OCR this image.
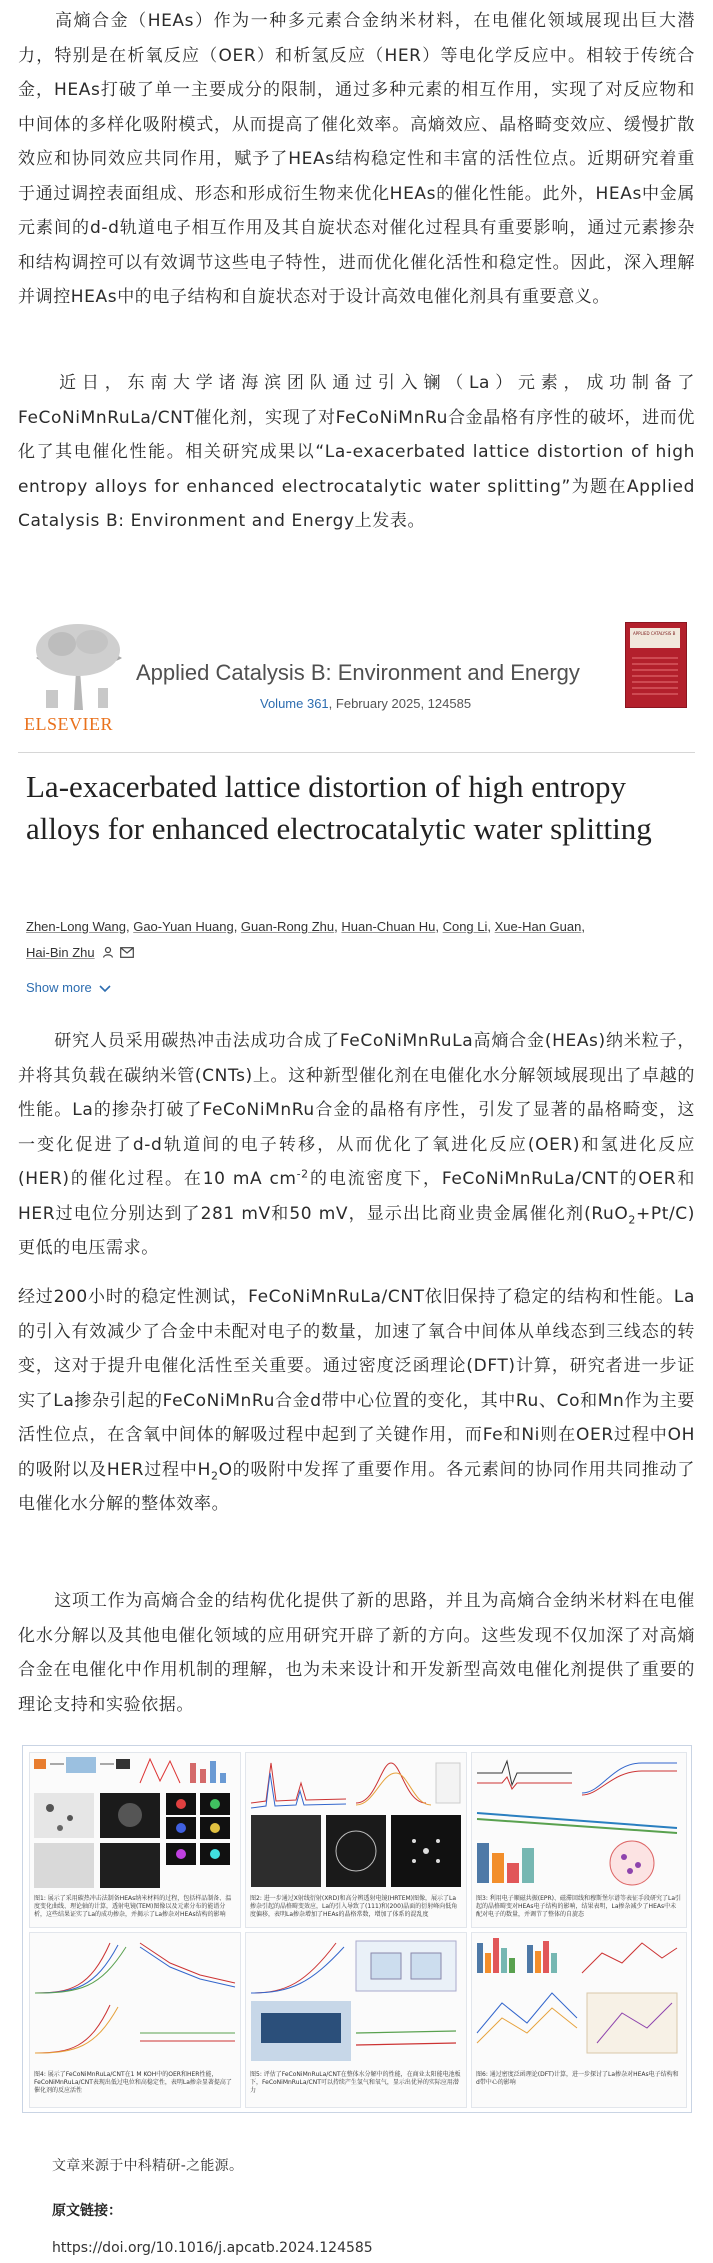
高熵合金（HEAs）作为一种多元素合金纳米材料，在电催化领域展现出巨大潜力，特别是在析氧反应（OER）和析氢反应（HER）等电化学反应中。相较于传统合金，HEAs打破了单一主要成分的限制，通过多种元素的相互作用，实现了对反应物和中间体的多样化吸附模式，从而提高了催化效率。高熵效应、晶格畸变效应、缓慢扩散效应和协同效应共同作用，赋予了HEAs结构稳定性和丰富的活性位点。近期研究着重于通过调控表面组成、形态和形成衍生物来优化HEAs的催化性能。此外，HEAs中金属元素间的d-d轨道电子相互作用及其自旋状态对催化过程具有重要影响，通过元素掺杂和结构调控可以有效调节这些电子特性，进而优化催化活性和稳定性。因此，深入理解并调控HEAs中的电子结构和自旋状态对于设计高效电催化剂具有重要意义。
近日，东南大学诸海滨团队通过引入镧（La）元素，成功制备了FeCoNiMnRuLa/CNT催化剂，实现了对FeCoNiMnRu合金晶格有序性的破坏，进而优化了其电催化性能。相关研究成果以“La-exacerbated lattice distortion of high entropy alloys for enhanced electrocatalytic water splitting”为题在Applied Catalysis B: Environment and Energy上发表。
ELSEVIER
Applied Catalysis B: Environment and Energy
Volume 361, February 2025, 124585
APPLIED CATALYSIS B
La-exacerbated lattice distortion of high entropy alloys for enhanced electrocatalytic water splitting
Zhen-Long Wang, Gao-Yuan Huang, Guan-Rong Zhu, Huan-Chuan Hu, Cong Li, Xue-Han Guan,
Hai-Bin Zhu
Show more
研究人员采用碳热冲击法成功合成了FeCoNiMnRuLa高熵合金(HEAs)纳米粒子，并将其负载在碳纳米管(CNTs)上。这种新型催化剂在电催化水分解领域展现出了卓越的性能。La的掺杂打破了FeCoNiMnRu合金的晶格有序性，引发了显著的晶格畸变，这一变化促进了d-d轨道间的电子转移，从而优化了氧进化反应(OER)和氢进化反应(HER)的催化过程。在10 mA $cm^{-2}$的电流密度下，FeCoNiMnRuLa/CNT的OER和HER过电位分别达到了281 mV和50 mV，显示出比商业贵金属催化剂(RuO$_2$+Pt/C)更低的电压需求。
经过200小时的稳定性测试，FeCoNiMnRuLa/CNT依旧保持了稳定的结构和性能。La的引入有效减少了合金中未配对电子的数量，加速了氧合中间体从单线态到三线态的转变，这对于提升电催化活性至关重要。通过密度泛函理论(DFT)计算，研究者进一步证实了La掺杂引起的FeCoNiMnRu合金d带中心位置的变化，其中Ru、Co和Mn作为主要活性位点，在含氧中间体的解吸过程中起到了关键作用，而Fe和Ni则在OER过程中OH的吸附以及HER过程中$H_2O$的吸附中发挥了重要作用。各元素间的协同作用共同推动了电催化水分解的整体效率。
这项工作为高熵合金的结构优化提供了新的思路，并且为高熵合金纳米材料在电催化水分解以及其他电催化领域的应用研究开辟了新的方向。这些发现不仅加深了对高熵合金在电催化中作用机制的理解，也为未来设计和开发新型高效电催化剂提供了重要的理论支持和实验依据。
图1: 展示了采用碳热冲击法制备HEAs纳米材料的过程，包括样品制备、温度变化曲线、理论轴的计算，透射电镜(TEM)图像以及元素分布的能谱分析，这些结果证实了La的成功掺杂，并揭示了La掺杂对HEAs结构的影响
图2: 进一步通过X射线衍射(XRD)和高分辨透射电镜(HRTEM)图像，展示了La掺杂引起的晶格畸变效应，La的引入导致了(111)和(200)晶面的衍射峰向低角度偏移，表明La掺杂增加了HEAs的晶格常数，增加了体系的混乱度
图3: 利用电子顺磁共振(EPR)、磁滞回线和穆斯堡尔谱等表征手段研究了La引起的晶格畸变对HEAs电子结构的影响，结果表明，La掺杂减少了HEAs中未配对电子的数量，并调节了整体的自旋态
图4: 展示了FeCoNiMnRuLa/CNT在1 M KOH中的OER和HER性能，FeCoNiMnRuLa/CNT表现出低过电位和高稳定性，表明La掺杂显著提高了催化剂的反应活性
图5: 评估了FeCoNiMnRuLa/CNT在整体水分解中的性能，在商业太阳能电池板下，FeCoNiMnRuLa/CNT可以持续产生氢气和氧气，显示出优异的实际应用潜力
图6: 通过密度泛函理论(DFT)计算，进一步探讨了La掺杂对HEAs电子结构和d带中心的影响
文章来源于中科精研-之能源。
原文链接：
https://doi.org/10.1016/j.apcatb.2024.124585
